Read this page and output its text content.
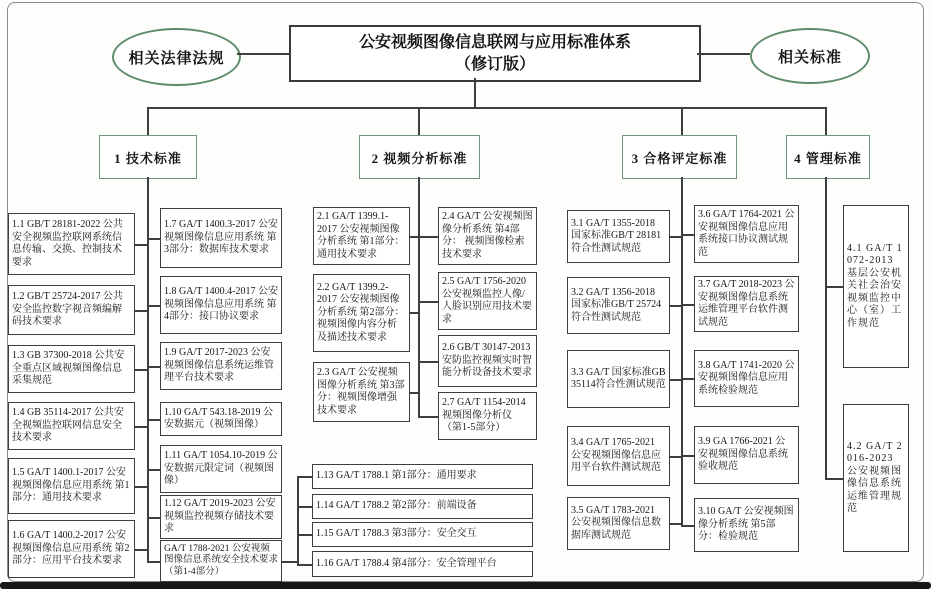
相关法律法规
公安视频图像信息联网与应用标准体系
（修订版）	相关标准
1 技术标准	2 视频分析标准	3 合格评定标准	4 管理标准
1.1 GB/T 28181-2022 公共安全视频监控联网系统信息传输、交换、控制技术要求
1.2 GB/T 25724-2017 公共安全监控数字视音频编解码技术要求
1.3 GB 37300-2018 公共安全重点区域视频图像信息采集规范
1.4 GB 35114-2017 公共安全视频监控联网信息安全技术要求
1.5 GA/T 1400.1-2017 公安视频图像信息应用系统 第1部分：通用技术要求
1.6 GA/T 1400.2-2017 公安视频图像信息应用系统 第2部分：应用平台技术要求
1.7 GA/T 1400.3-2017 公安视频图像信息应用系统 第3部分：数据库技术要求
1.8 GA/T 1400.4-2017 公安视频图像信息应用系统 第4部分：接口协议要求
1.9 GA/T 2017-2023 公安视频图像信息系统运维管理平台技术要求
1.10 GA/T 543.18-2019 公安数据元（视频图像）
1.11 GA/T 1054.10-2019 公安数据元限定词（视频图像）
1.12 GA/T 2019-2023 公安视频监控视频存储技术要求
GA/T 1788-2021 公安视频图像信息系统安全技术要求（第1-4部分）
1.13 GA/T 1788.1 第1部分：通用要求
1.14 GA/T 1788.2 第2部分：前端设备
1.15 GA/T 1788.3 第3部分：安全交互
1.16 GA/T 1788.4 第4部分：安全管理平台
2.1 GA/T 1399.1-2017 公安视频图像分析系统 第1部分： 通用技术要求
2.2 GA/T 1399.2-2017 公安视频图像分析系统 第2部分： 视频图像内容分析及描述技术要求
2.3 GA/T 公安视频图像分析系统 第3部分：视频图像增强技术要求
2.4 GA/T 公安视频图像分析系统 第4部分： 视频图像检索技术要求
2.5 GA/T 1756-2020 公安视频监控人像/人脸识别应用技术要求
2.6 GB/T 30147-2013 安防监控视频实时智能分析设备技术要求
2.7 GA/T 1154-2014 视频图像分析仪 （第1-5部分）
3.1 GA/T 1355-2018 国家标准GB/T 28181符合性测试规范
3.2 GA/T 1356-2018 国家标准GB/T 25724符合性测试规范
3.3 GA/T 国家标准GB 35114符合性测试规范
3.4 GA/T 1765-2021 公安视频图像信息应用平台软件测试规范
3.5 GA/T 1783-2021 公安视频图像信息数据库测试规范
3.6 GA/T 1764-2021 公安视频图像信息应用系统接口协议测试规范
3.7 GA/T 2018-2023 公安视频图像信息系统运维管理平台软件测试规范
3.8 GA/T 1741-2020 公安视频图像信息应用系统检验规范
3.9 GA 1766-2021 公安视频图像信息系统验收规范
3.10 GA/T 公安视频图像分析系统 第5部分：检验规范
4.1 GA/T 1072-2013 基层公安机关社会治安视频监控中心（室）工作规范
4.2 GA/T 2016-2023 公安视频图像信息系统运维管理规范
